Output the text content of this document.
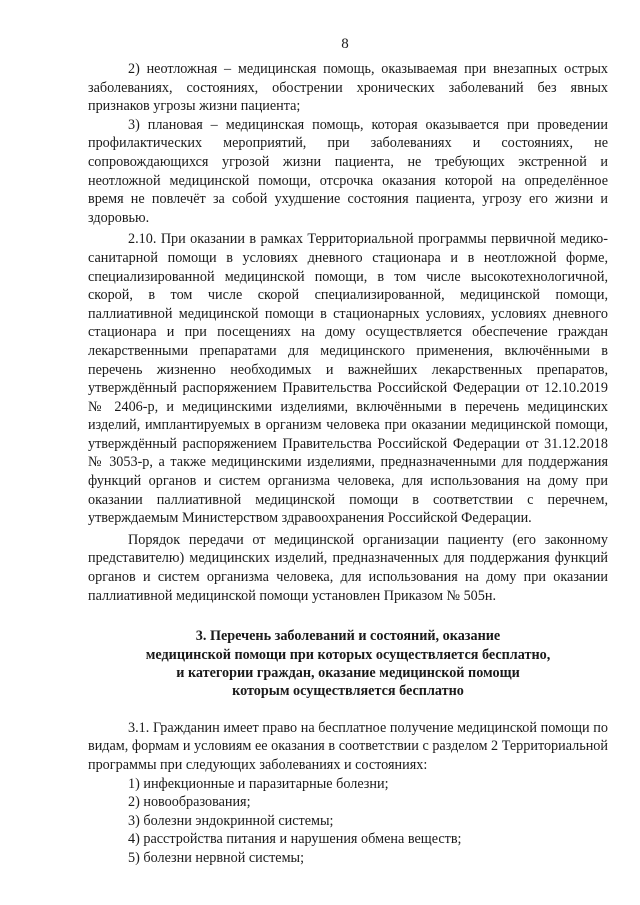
8

2) неотложная – медицинская помощь, оказываемая при внезапных острых заболеваниях, состояниях, обострении хронических заболеваний без явных признаков угрозы жизни пациента;

3) плановая – медицинская помощь, которая оказывается при проведении профилактических мероприятий, при заболеваниях и состояниях, не сопровождающихся угрозой жизни пациента, не требующих экстренной и неотложной медицинской помощи, отсрочка оказания которой на определённое время не повлечёт за собой ухудшение состояния пациента, угрозу его жизни и здоровью.

2.10. При оказании в рамках Территориальной программы первичной медико-санитарной помощи в условиях дневного стационара и в неотложной форме, специализированной медицинской помощи, в том числе высокотехнологичной, скорой, в том числе скорой специализированной, медицинской помощи, паллиативной медицинской помощи в стационарных условиях, условиях дневного стационара и при посещениях на дому осуществляется обеспечение граждан лекарственными препаратами для медицинского применения, включёнными в перечень жизненно необходимых и важнейших лекарственных препаратов, утверждённый распоряжением Правительства Российской Федерации от 12.10.2019 № 2406-р, и медицинскими изделиями, включёнными в перечень медицинских изделий, имплантируемых в организм человека при оказании медицинской помощи, утверждённый распоряжением Правительства Российской Федерации от 31.12.2018 № 3053-р, а также медицинскими изделиями, предназначенными для поддержания функций органов и систем организма человека, для использования на дому при оказании паллиативной медицинской помощи в соответствии с перечнем, утверждаемым Министерством здравоохранения Российской Федерации.

Порядок передачи от медицинской организации пациенту (его законному представителю) медицинских изделий, предназначенных для поддержания функций органов и систем организма человека, для использования на дому при оказании паллиативной медицинской помощи установлен Приказом № 505н.

3. Перечень заболеваний и состояний, оказание
медицинской помощи при которых осуществляется бесплатно,
и категории граждан, оказание медицинской помощи
которым осуществляется бесплатно

3.1. Гражданин имеет право на бесплатное получение медицинской помощи по видам, формам и условиям ее оказания в соответствии с разделом 2 Территориальной программы при следующих заболеваниях и состояниях:

1) инфекционные и паразитарные болезни;

2) новообразования;

3) болезни эндокринной системы;

4) расстройства питания и нарушения обмена веществ;

5) болезни нервной системы;
